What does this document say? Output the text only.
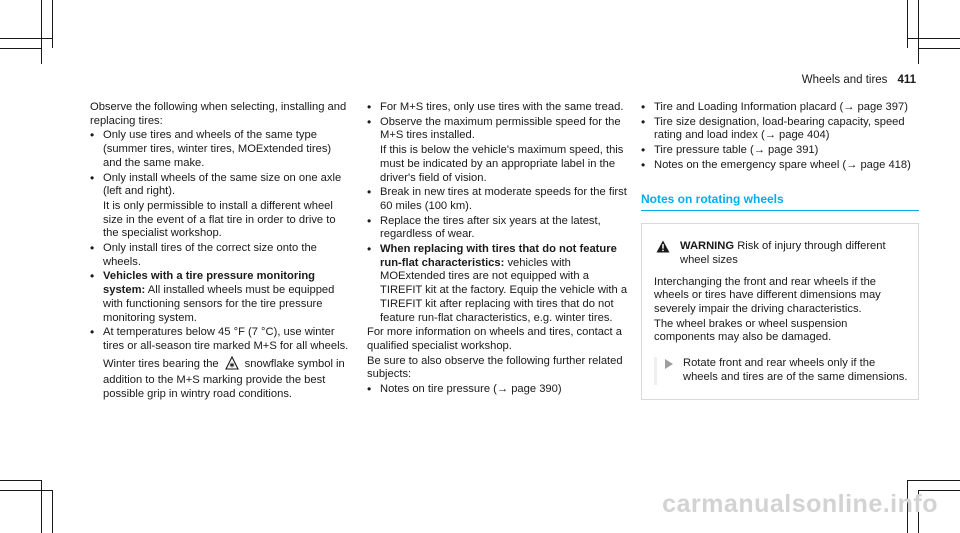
Wheels and tires 411

Observe the following when selecting, installing and replacing tires:

• Only use tires and wheels of the same type (summer tires, winter tires, MOExtended tires) and the same make.
• Only install wheels of the same size on one axle (left and right).
It is only permissible to install a different wheel size in the event of a flat tire in order to drive to the specialist workshop.
• Only install tires of the correct size onto the wheels.
• Vehicles with a tire pressure monitoring system: All installed wheels must be equipped with functioning sensors for the tire pressure monitoring system.
• At temperatures below 45 °F (7 °C), use winter tires or all-season tire marked M+S for all wheels.
Winter tires bearing the snowflake symbol in addition to the M+S marking provide the best possible grip in wintry road conditions.
• For M+S tires, only use tires with the same tread.
• Observe the maximum permissible speed for the M+S tires installed.
If this is below the vehicle's maximum speed, this must be indicated by an appropriate label in the driver's field of vision.
• Break in new tires at moderate speeds for the first 60 miles (100 km).
• Replace the tires after six years at the latest, regardless of wear.
• When replacing with tires that do not feature run-flat characteristics: vehicles with MOExtended tires are not equipped with a TIREFIT kit at the factory. Equip the vehicle with a TIREFIT kit after replacing with tires that do not feature run-flat characteristics, e.g. winter tires.

For more information on wheels and tires, contact a qualified specialist workshop.

Be sure to also observe the following further related subjects:

• Notes on tire pressure (→ page 390)
• Tire and Loading Information placard (→ page 397)
• Tire size designation, load-bearing capacity, speed rating and load index (→ page 404)
• Tire pressure table (→ page 391)
• Notes on the emergency spare wheel (→ page 418)
Notes on rotating wheels
WARNING Risk of injury through different wheel sizes

Interchanging the front and rear wheels if the wheels or tires have different dimensions may severely impair the driving characteristics.

The wheel brakes or wheel suspension components may also be damaged.

Rotate front and rear wheels only if the wheels and tires are of the same dimensions.
carmanualsonline.info
